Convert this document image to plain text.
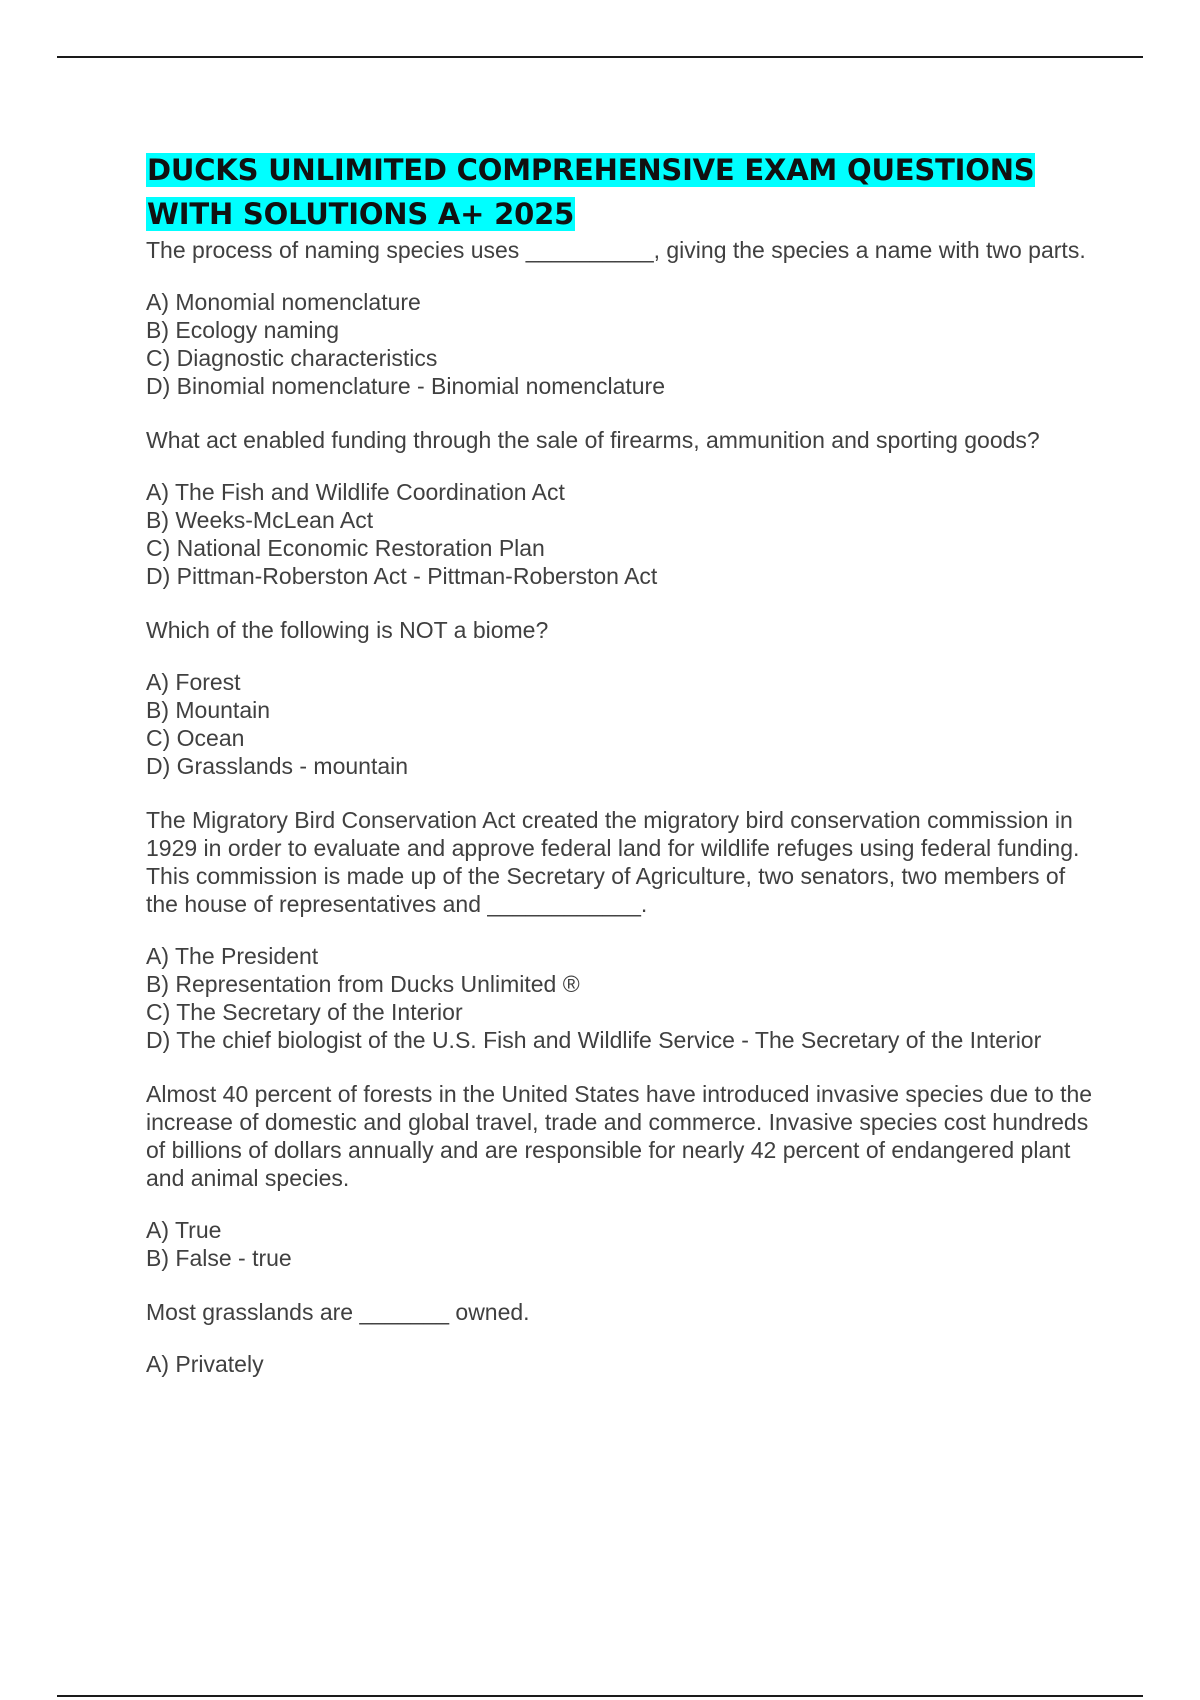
DUCKS UNLIMITED COMPREHENSIVE EXAM QUESTIONS
WITH SOLUTIONS A+ 2025

The process of naming species uses __________, giving the species a name with two parts.

A) Monomial nomenclature
B) Ecology naming
C) Diagnostic characteristics
D) Binomial nomenclature - Binomial nomenclature

What act enabled funding through the sale of firearms, ammunition and sporting goods?

A) The Fish and Wildlife Coordination Act
B) Weeks-McLean Act
C) National Economic Restoration Plan
D) Pittman-Roberston Act - Pittman-Roberston Act

Which of the following is NOT a biome?

A) Forest
B) Mountain
C) Ocean
D) Grasslands - mountain

The Migratory Bird Conservation Act created the migratory bird conservation commission in 1929 in order to evaluate and approve federal land for wildlife refuges using federal funding. This commission is made up of the Secretary of Agriculture, two senators, two members of the house of representatives and ____________.

A) The President
B) Representation from Ducks Unlimited ®
C) The Secretary of the Interior
D) The chief biologist of the U.S. Fish and Wildlife Service - The Secretary of the Interior

Almost 40 percent of forests in the United States have introduced invasive species due to the increase of domestic and global travel, trade and commerce. Invasive species cost hundreds of billions of dollars annually and are responsible for nearly 42 percent of endangered plant and animal species.

A) True
B) False - true

Most grasslands are _______ owned.

A) Privately
